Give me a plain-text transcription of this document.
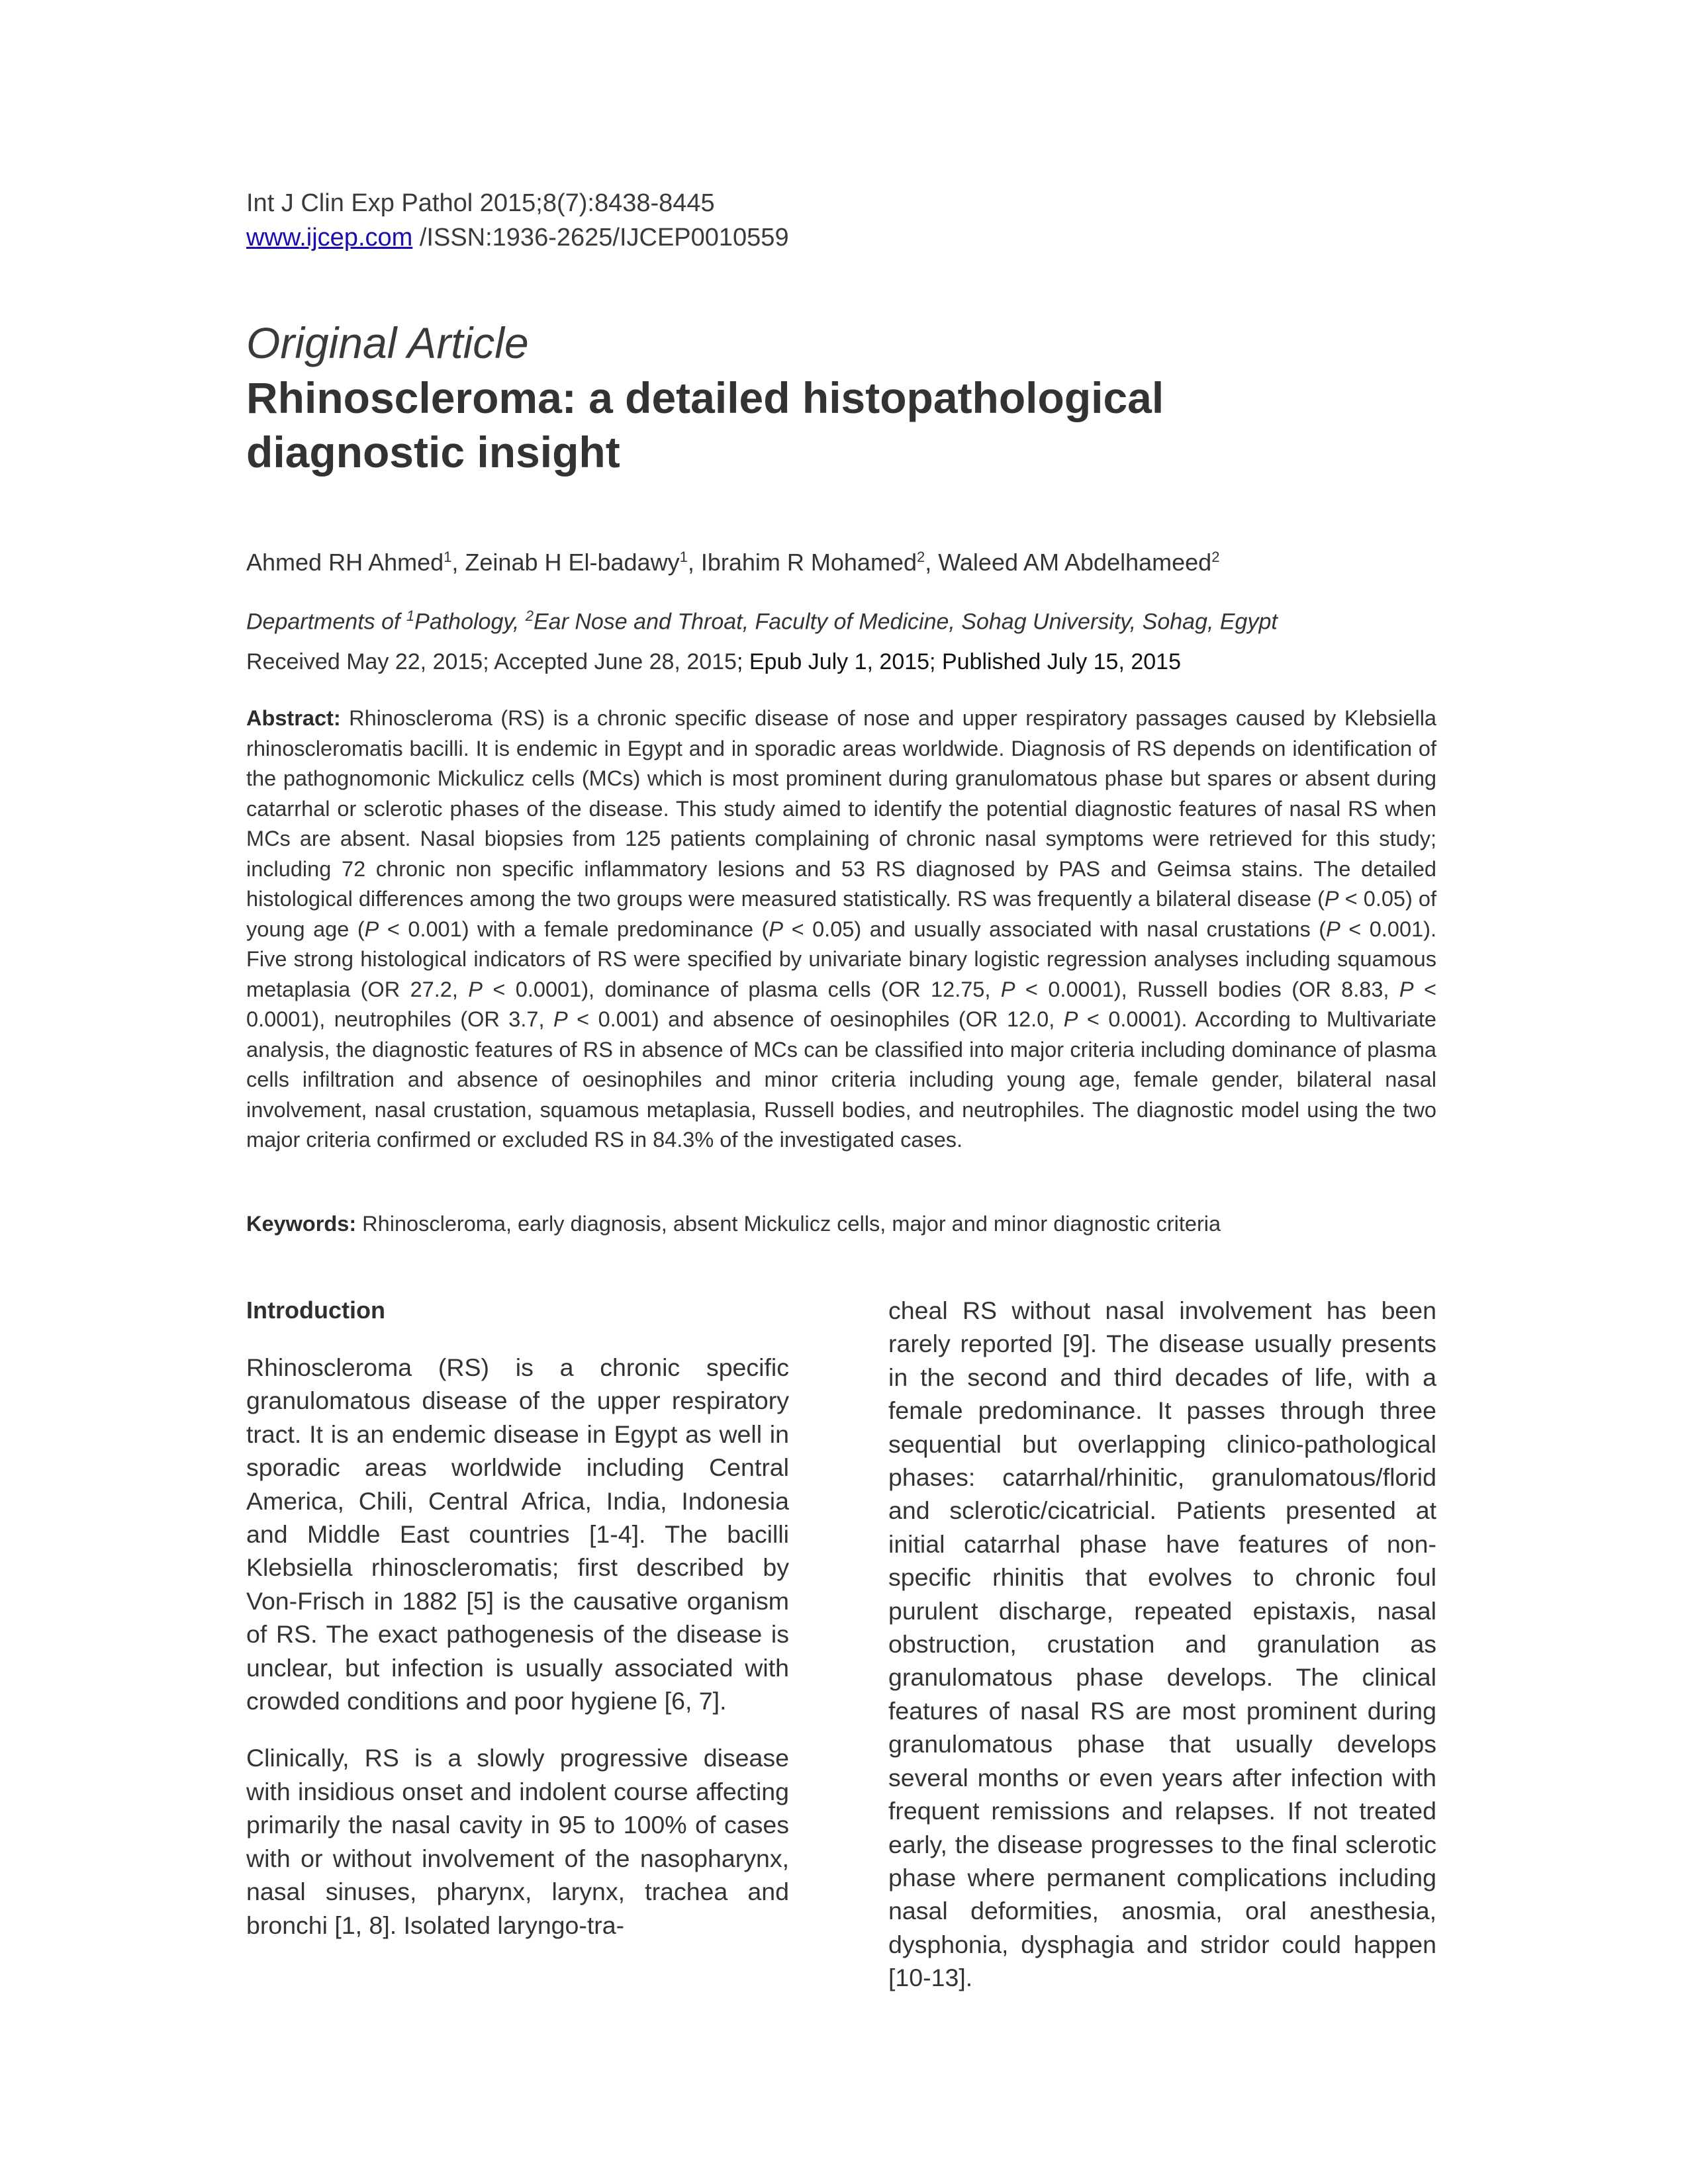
Int J Clin Exp Pathol 2015;8(7):8438-8445
www.ijcep.com /ISSN:1936-2625/IJCEP0010559
Original Article
Rhinoscleroma: a detailed histopathological diagnostic insight
Ahmed RH Ahmed$^1$, Zeinab H El-badawy$^1$, Ibrahim R Mohamed$^2$, Waleed AM Abdelhameed$^2$
Departments of $^1$Pathology, $^2$Ear Nose and Throat, Faculty of Medicine, Sohag University, Sohag, Egypt
Received May 22, 2015; Accepted June 28, 2015; Epub July 1, 2015; Published July 15, 2015

Abstract: Rhinoscleroma (RS) is a chronic specific disease of nose and upper respiratory passages caused by Klebsiella rhinoscleromatis bacilli. It is endemic in Egypt and in sporadic areas worldwide. Diagnosis of RS depends on identification of the pathognomonic Mickulicz cells (MCs) which is most prominent during granulomatous phase but spares or absent during catarrhal or sclerotic phases of the disease. This study aimed to identify the potential diagnostic features of nasal RS when MCs are absent. Nasal biopsies from 125 patients complaining of chronic nasal symptoms were retrieved for this study; including 72 chronic non specific inflammatory lesions and 53 RS diagnosed by PAS and Geimsa stains. The detailed histological differences among the two groups were measured statistically. RS was frequently a bilateral disease (P < 0.05) of young age (P < 0.001) with a female predominance (P < 0.05) and usually associated with nasal crustations (P < 0.001). Five strong histological indicators of RS were specified by univariate binary logistic regression analyses including squamous metaplasia (OR 27.2, P < 0.0001), dominance of plasma cells (OR 12.75, P < 0.0001), Russell bodies (OR 8.83, P < 0.0001), neutrophiles (OR 3.7, P < 0.001) and absence of oesinophiles (OR 12.0, P < 0.0001). According to Multivariate analysis, the diagnostic features of RS in absence of MCs can be classified into major criteria including dominance of plasma cells infiltration and absence of oesinophiles and minor criteria including young age, female gender, bilateral nasal involvement, nasal crustation, squamous metaplasia, Russell bodies, and neutrophiles. The diagnostic model using the two major criteria confirmed or excluded RS in 84.3% of the investigated cases.

Keywords: Rhinoscleroma, early diagnosis, absent Mickulicz cells, major and minor diagnostic criteria

Introduction

Rhinoscleroma (RS) is a chronic specific granulomatous disease of the upper respiratory tract. It is an endemic disease in Egypt as well in sporadic areas worldwide including Central America, Chili, Central Africa, India, Indonesia and Middle East countries [1-4]. The bacilli Klebsiella rhinoscleromatis; first described by Von-Frisch in 1882 [5] is the causative organism of RS. The exact pathogenesis of the disease is unclear, but infection is usually associated with crowded conditions and poor hygiene [6, 7].

Clinically, RS is a slowly progressive disease with insidious onset and indolent course affecting primarily the nasal cavity in 95 to 100% of cases with or without involvement of the nasopharynx, nasal sinuses, pharynx, larynx, trachea and bronchi [1, 8]. Isolated laryngo-tra-

cheal RS without nasal involvement has been rarely reported [9]. The disease usually presents in the second and third decades of life, with a female predominance. It passes through three sequential but overlapping clinico-pathological phases: catarrhal/rhinitic, granulomatous/florid and sclerotic/cicatricial. Patients presented at initial catarrhal phase have features of non-specific rhinitis that evolves to chronic foul purulent discharge, repeated epistaxis, nasal obstruction, crustation and granulation as granulomatous phase develops. The clinical features of nasal RS are most prominent during granulomatous phase that usually develops several months or even years after infection with frequent remissions and relapses. If not treated early, the disease progresses to the final sclerotic phase where permanent complications including nasal deformities, anosmia, oral anesthesia, dysphonia, dysphagia and stridor could happen [10-13].
